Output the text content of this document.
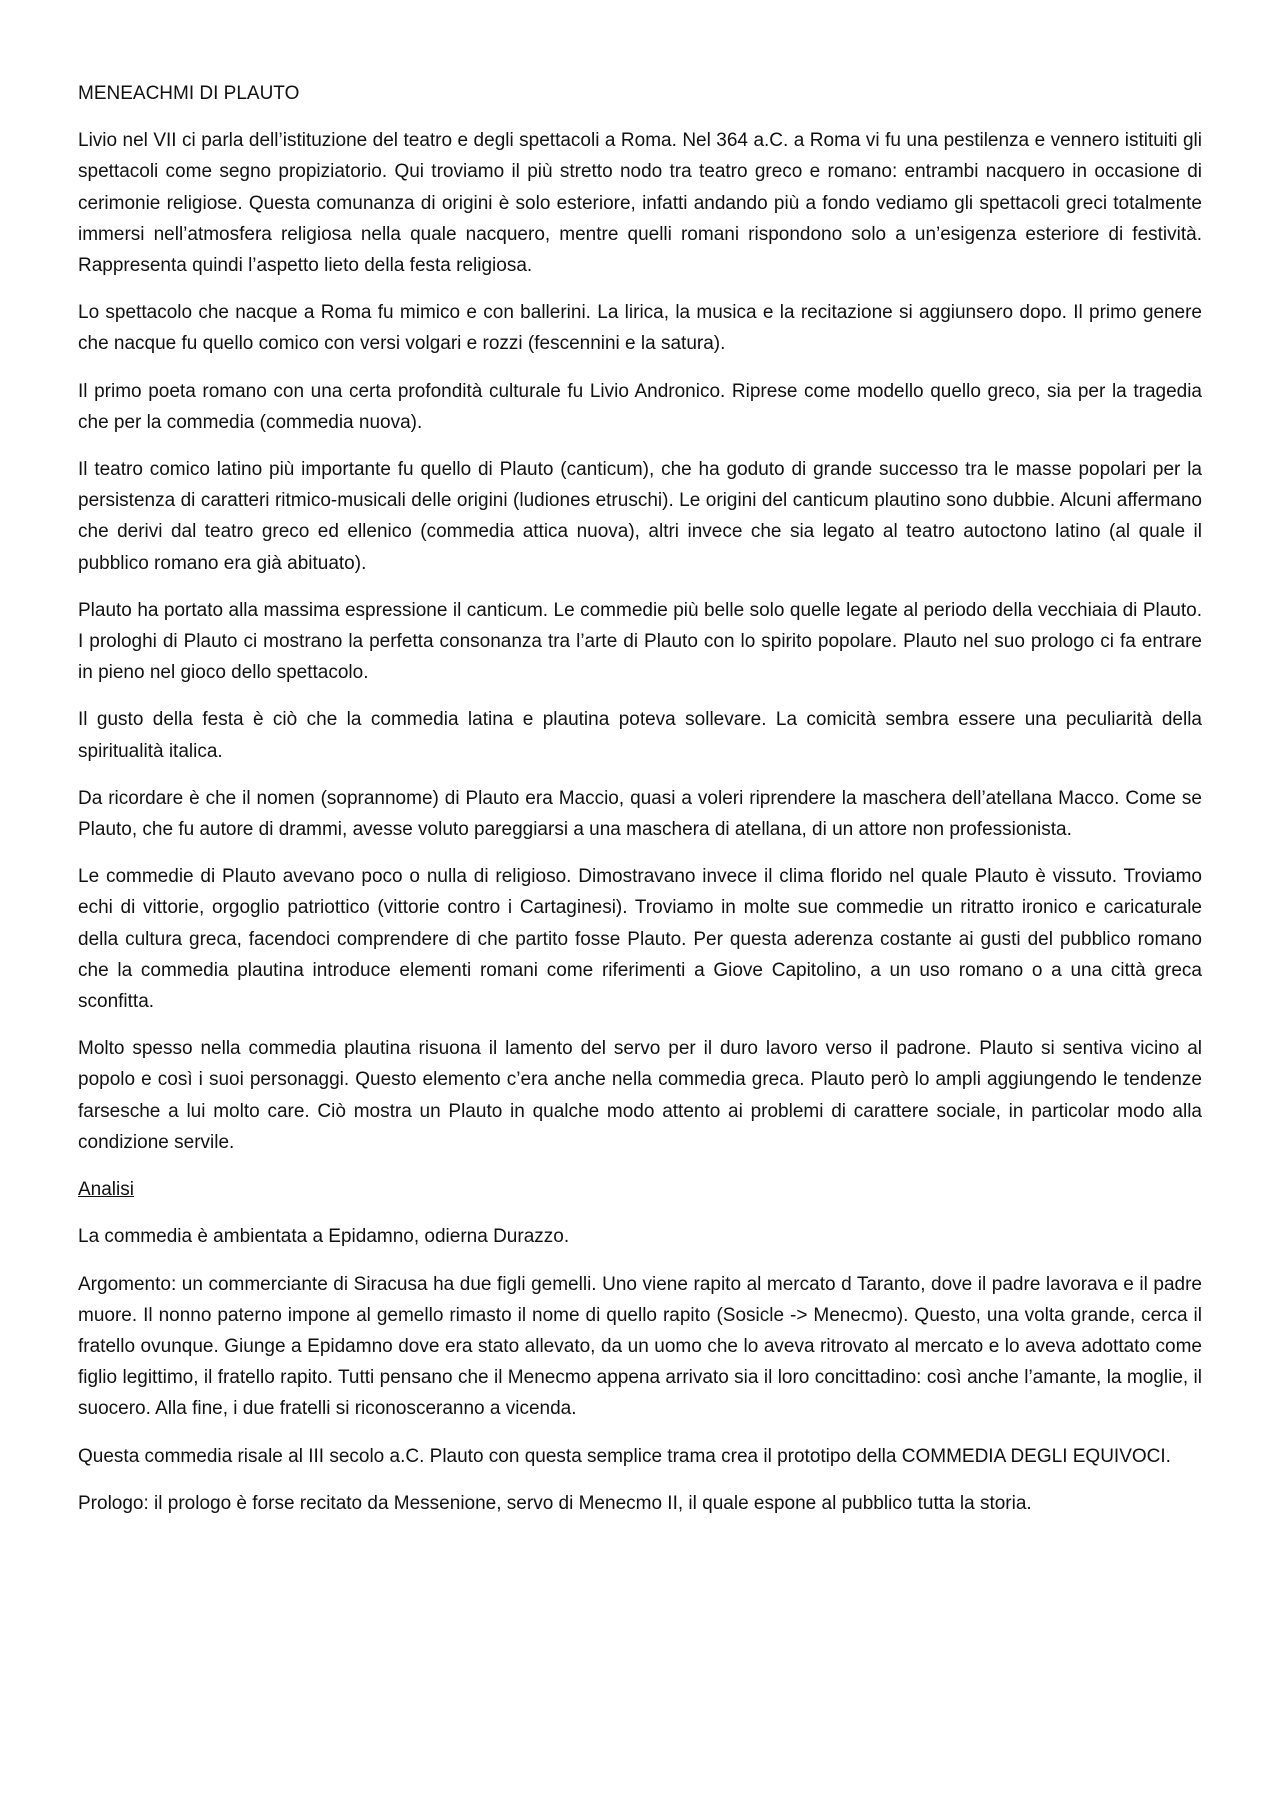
MENEACHMI DI PLAUTO

Livio nel VII ci parla dell’istituzione del teatro e degli spettacoli a Roma. Nel 364 a.C. a Roma vi fu una pestilenza e vennero istituiti gli spettacoli come segno propiziatorio. Qui troviamo il più stretto nodo tra teatro greco e romano: entrambi nacquero in occasione di cerimonie religiose. Questa comunanza di origini è solo esteriore, infatti andando più a fondo vediamo gli spettacoli greci totalmente immersi nell’atmosfera religiosa nella quale nacquero, mentre quelli romani rispondono solo a un’esigenza esteriore di festività. Rappresenta quindi l’aspetto lieto della festa religiosa.

Lo spettacolo che nacque a Roma fu mimico e con ballerini. La lirica, la musica e la recitazione si aggiunsero dopo. Il primo genere che nacque fu quello comico con versi volgari e rozzi (fescennini e la satura).

Il primo poeta romano con una certa profondità culturale fu Livio Andronico. Riprese come modello quello greco, sia per la tragedia che per la commedia (commedia nuova).

Il teatro comico latino più importante fu quello di Plauto (canticum), che ha goduto di grande successo tra le masse popolari per la persistenza di caratteri ritmico-musicali delle origini (ludiones etruschi). Le origini del canticum plautino sono dubbie. Alcuni affermano che derivi dal teatro greco ed ellenico (commedia attica nuova), altri invece che sia legato al teatro autoctono latino (al quale il pubblico romano era già abituato).

Plauto ha portato alla massima espressione il canticum. Le commedie più belle solo quelle legate al periodo della vecchiaia di Plauto. I prologhi di Plauto ci mostrano la perfetta consonanza tra l’arte di Plauto con lo spirito popolare. Plauto nel suo prologo ci fa entrare in pieno nel gioco dello spettacolo.

Il gusto della festa è ciò che la commedia latina e plautina poteva sollevare. La comicità sembra essere una peculiarità della spiritualità italica.

Da ricordare è che il nomen (soprannome) di Plauto era Maccio, quasi a voleri riprendere la maschera dell’atellana Macco. Come se Plauto, che fu autore di drammi, avesse voluto pareggiarsi a una maschera di atellana, di un attore non professionista.

Le commedie di Plauto avevano poco o nulla di religioso. Dimostravano invece il clima florido nel quale Plauto è vissuto. Troviamo echi di vittorie, orgoglio patriottico (vittorie contro i Cartaginesi). Troviamo in molte sue commedie un ritratto ironico e caricaturale della cultura greca, facendoci comprendere di che partito fosse Plauto. Per questa aderenza costante ai gusti del pubblico romano che la commedia plautina introduce elementi romani come riferimenti a Giove Capitolino, a un uso romano o a una città greca sconfitta.

Molto spesso nella commedia plautina risuona il lamento del servo per il duro lavoro verso il padrone. Plauto si sentiva vicino al popolo e così i suoi personaggi. Questo elemento c’era anche nella commedia greca. Plauto però lo ampli aggiungendo le tendenze farsesche a lui molto care. Ciò mostra un Plauto in qualche modo attento ai problemi di carattere sociale, in particolar modo alla condizione servile.

Analisi

La commedia è ambientata a Epidamno, odierna Durazzo.

Argomento: un commerciante di Siracusa ha due figli gemelli. Uno viene rapito al mercato d Taranto, dove il padre lavorava e il padre muore. Il nonno paterno impone al gemello rimasto il nome di quello rapito (Sosicle -> Menecmo). Questo, una volta grande, cerca il fratello ovunque. Giunge a Epidamno dove era stato allevato, da un uomo che lo aveva ritrovato al mercato e lo aveva adottato come figlio legittimo, il fratello rapito. Tutti pensano che il Menecmo appena arrivato sia il loro concittadino: così anche l’amante, la moglie, il suocero. Alla fine, i due fratelli si riconosceranno a vicenda.

Questa commedia risale al III secolo a.C. Plauto con questa semplice trama crea il prototipo della COMMEDIA DEGLI EQUIVOCI.

Prologo: il prologo è forse recitato da Messenione, servo di Menecmo II, il quale espone al pubblico tutta la storia.
